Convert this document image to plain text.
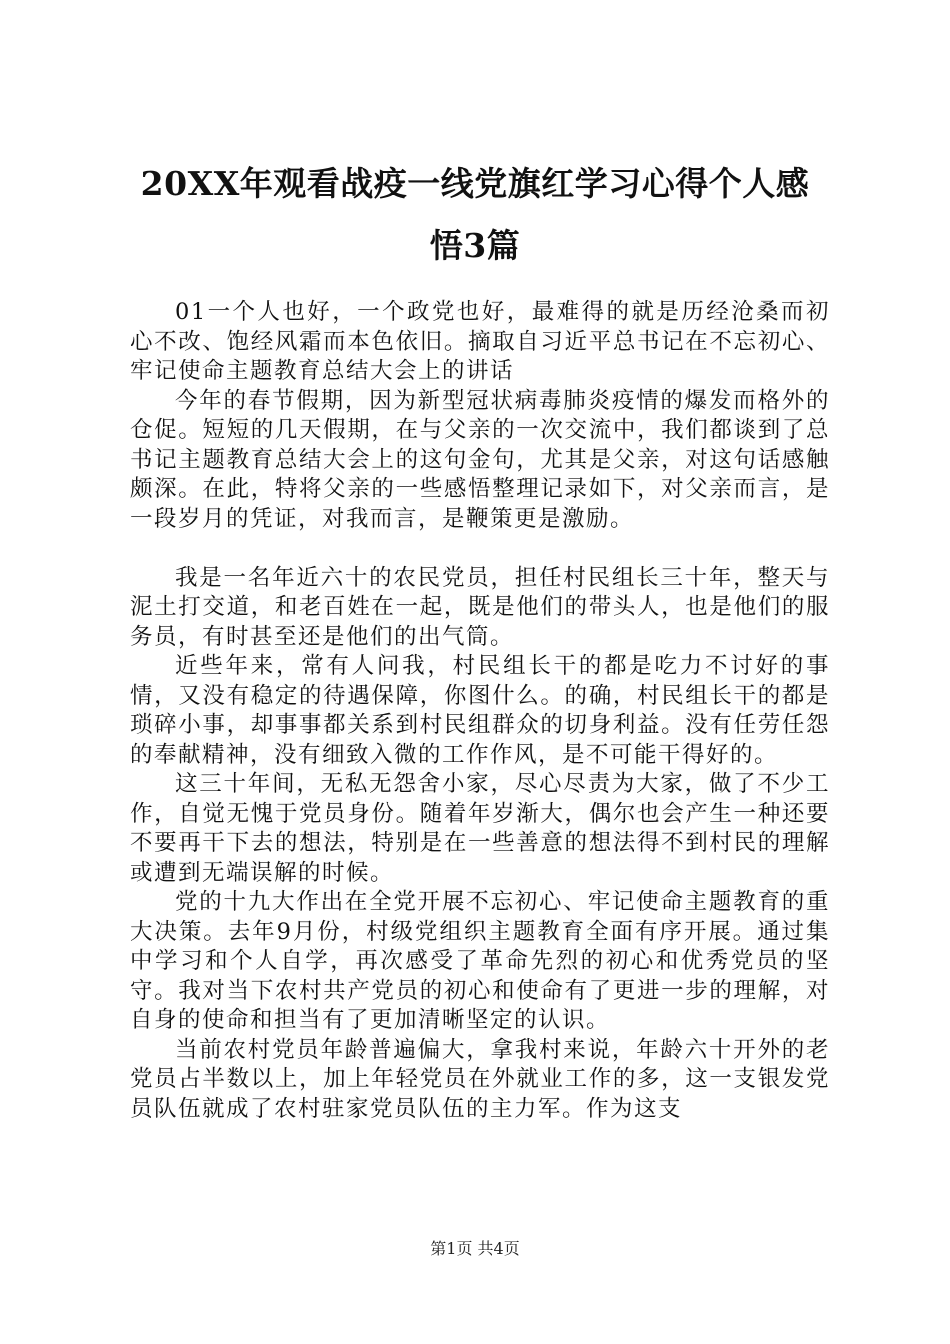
20XX年观看战疫一线党旗红学习心得个人感
悟3篇

01一个人也好，一个政党也好，最难得的就是历经沧桑而初心不改、饱经风霜而本色依旧。摘取自习近平总书记在不忘初心、牢记使命主题教育总结大会上的讲话

今年的春节假期，因为新型冠状病毒肺炎疫情的爆发而格外的仓促。短短的几天假期，在与父亲的一次交流中，我们都谈到了总书记主题教育总结大会上的这句金句，尤其是父亲，对这句话感触颇深。在此，特将父亲的一些感悟整理记录如下，对父亲而言，是一段岁月的凭证，对我而言，是鞭策更是激励。

我是一名年近六十的农民党员，担任村民组长三十年，整天与泥土打交道，和老百姓在一起，既是他们的带头人，也是他们的服务员，有时甚至还是他们的出气筒。

近些年来，常有人问我，村民组长干的都是吃力不讨好的事情，又没有稳定的待遇保障，你图什么。的确，村民组长干的都是琐碎小事，却事事都关系到村民组群众的切身利益。没有任劳任怨的奉献精神，没有细致入微的工作作风，是不可能干得好的。

这三十年间，无私无怨舍小家，尽心尽责为大家，做了不少工作，自觉无愧于党员身份。随着年岁渐大，偶尔也会产生一种还要不要再干下去的想法，特别是在一些善意的想法得不到村民的理解或遭到无端误解的时候。

党的十九大作出在全党开展不忘初心、牢记使命主题教育的重大决策。去年9月份，村级党组织主题教育全面有序开展。通过集中学习和个人自学，再次感受了革命先烈的初心和优秀党员的坚守。我对当下农村共产党员的初心和使命有了更进一步的理解，对自身的使命和担当有了更加清晰坚定的认识。

当前农村党员年龄普遍偏大，拿我村来说，年龄六十开外的老党员占半数以上，加上年轻党员在外就业工作的多，这一支银发党员队伍就成了农村驻家党员队伍的主力军。作为这支

第1页 共4页
